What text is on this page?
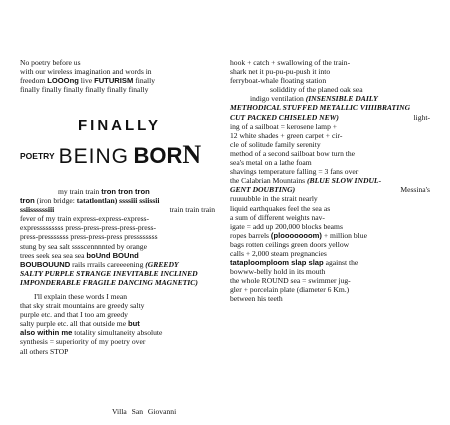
No poetry before us

with our wireless imagination and words in

freedom LOOOng live FUTURISM finally

finally finally finally finally finally finally

FINALLY

$^{POETRY}$ BEING BORN

my train train tron tron tron

tron (iron bridge: tatatlontlan) ssssiii ssiissii

ssiissssssiii	train train train

fever of my train express-express-express-

expresssssssss press-press-press-press-press-

press-presssssss press-press-press pressssssss

stung by sea salt sssscennnnted by orange

trees seek sea sea sea boUnd BOUnd

BOUBOUUND rails rrrails careeeening (GREEDY

SALTY PURPLE STRANGE INEVITABLE INCLINED

IMPONDERABLE FRAGILE DANCING MAGNETIC)

I'll explain these words I mean

that sky strait mountains are greedy salty

purple etc. and that I too am greedy

salty purple etc. all that outside me but

also within me totality simultaneity absolute

synthesis = superiority of my poetry over

all others STOP

Villa San Giovanni

hook + catch + swallowing of the train-

shark net it pu-pu-pu-push it into

ferryboat-whale floating station

soliddity of the planed oak sea

indigo ventilation (INSENSIBLE DAILY

METHODICAL STUFFED METALLIC VIIIIBRATING

CUT PACKED CHISELED NEW)	light-

ing of a sailboat = kerosene lamp +

12 white shades + green carpet + cir-

cle of solitude family serenity

method of a second sailboat bow turn the

sea's metal on a lathe foam

shavings temperature falling = 3 fans over

the Calabrian Mountains (BLUE SLOW INDUL-

GENT DOUBTING)	Messina's

ruuuubble in the strait nearly

liquid earthquakes feel the sea as

a sum of different weights nav-

igate = add up 200,000 blocks beams

ropes barrels (plooooooom) + million blue

bags rotten ceilings green doors yellow

calls + 2,000 steam pregnancies

tataploomploom slap slap against the

bowww-belly hold in its mouth

the whole ROUND sea = swimmer jug-

gler + porcelain plate (diameter 6 Km.)

between his teeth
